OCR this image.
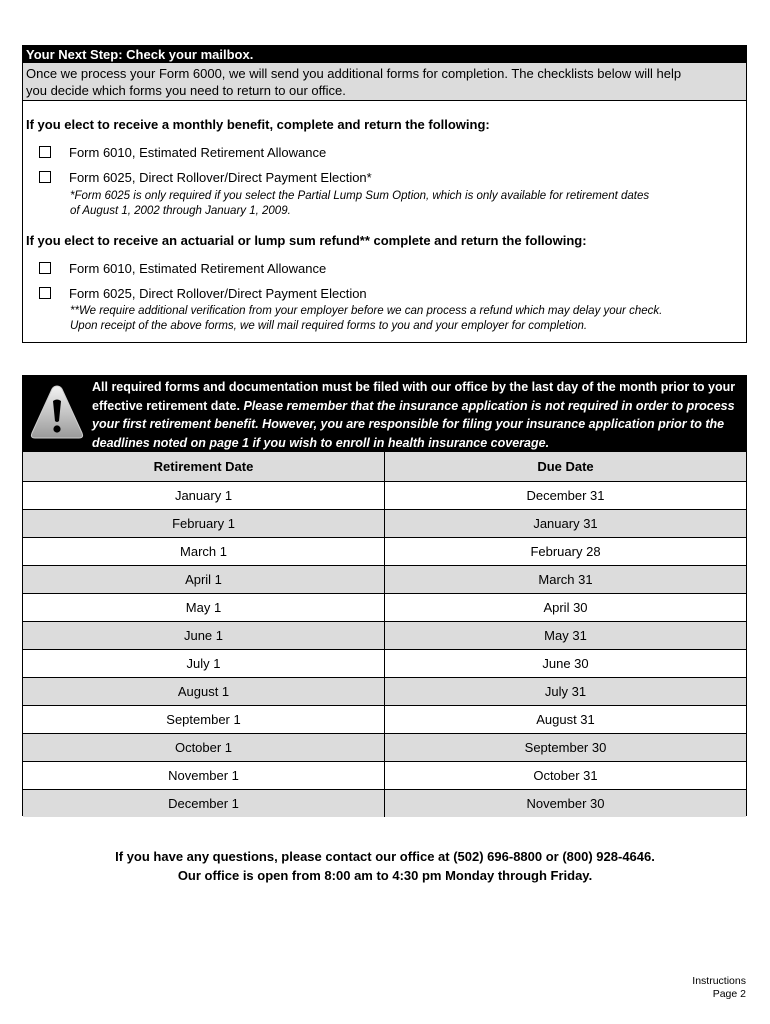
Your Next Step: Check your mailbox.
Once we process your Form 6000, we will send you additional forms for completion. The checklists below will help
you decide which forms you need to return to our office.
If you elect to receive a monthly benefit, complete and return the following:
Form 6010, Estimated Retirement Allowance
Form 6025, Direct Rollover/Direct Payment Election*
*Form 6025 is only required if you select the Partial Lump Sum Option, which is only available for retirement dates
of August 1, 2002 through January 1, 2009.
If you elect to receive an actuarial or lump sum refund** complete and return the following:
Form 6010, Estimated Retirement Allowance
Form 6025, Direct Rollover/Direct Payment Election
**We require additional verification from your employer before we can process a refund which may delay your check.
Upon receipt of the above forms, we will mail required forms to you and your employer for completion.
All required forms and documentation must be filed with our office by the last day of the month prior to your effective retirement date. Please remember that the insurance application is not required in order to process your first retirement benefit. However, you are responsible for filing your insurance application prior to the deadlines noted on page 1 if you wish to enroll in health insurance coverage.
Retirement Date	Due Date
January 1	December 31
February 1	January 31
March 1	February 28
April 1	March 31
May 1	April 30
June 1	May 31
July 1	June 30
August 1	July 31
September 1	August 31
October 1	September 30
November 1	October 31
December 1	November 30
If you have any questions, please contact our office at (502) 696-8800 or (800) 928-4646.
Our office is open from 8:00 am to 4:30 pm Monday through Friday.
Instructions
Page 2
